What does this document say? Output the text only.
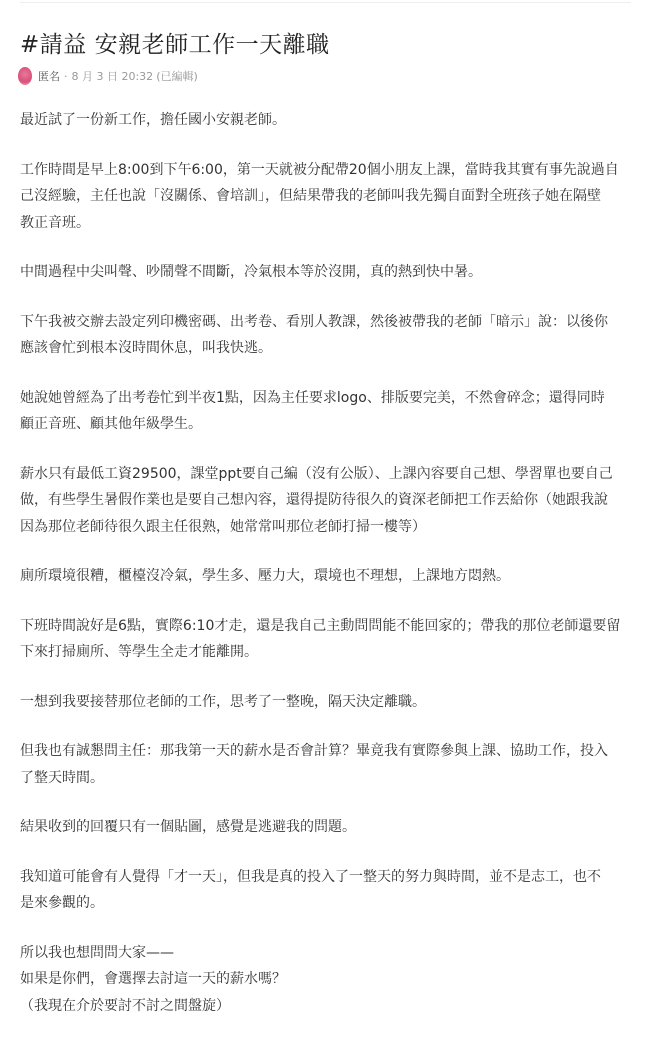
#請益 安親老師工作一天離職
匿名 · 8 月 3 日 20:32 (已編輯)
最近試了一份新工作，擔任國小安親老師。
工作時間是早上8:00到下午6:00，第一天就被分配帶20個小朋友上課，當時我其實有事先說過自
己沒經驗，主任也說「沒關係、會培訓」，但結果帶我的老師叫我先獨自面對全班孩子她在隔壁
教正音班。
中間過程中尖叫聲、吵鬧聲不間斷，冷氣根本等於沒開，真的熱到快中暑。
下午我被交辦去設定列印機密碼、出考卷、看別人教課，然後被帶我的老師「暗示」說：以後你
應該會忙到根本沒時間休息，叫我快逃。
她說她曾經為了出考卷忙到半夜1點，因為主任要求logo、排版要完美，不然會碎念；還得同時
顧正音班、顧其他年級學生。
薪水只有最低工資29500，課堂ppt要自己編（沒有公版）、上課內容要自己想、學習單也要自己
做，有些學生暑假作業也是要自己想內容，還得提防待很久的資深老師把工作丟給你（她跟我說
因為那位老師待很久跟主任很熟，她常常叫那位老師打掃一樓等）
廁所環境很糟，櫃檯沒冷氣，學生多、壓力大，環境也不理想，上課地方悶熱。
下班時間說好是6點，實際6:10才走，還是我自己主動問問能不能回家的；帶我的那位老師還要留
下來打掃廁所、等學生全走才能離開。
一想到我要接替那位老師的工作，思考了一整晚，隔天決定離職。
但我也有誠懇問主任：那我第一天的薪水是否會計算？畢竟我有實際參與上課、協助工作，投入
了整天時間。
結果收到的回覆只有一個貼圖，感覺是逃避我的問題。
我知道可能會有人覺得「才一天」，但我是真的投入了一整天的努力與時間，並不是志工，也不
是來參觀的。
所以我也想問問大家——
如果是你們，會選擇去討這一天的薪水嗎？
（我現在介於要討不討之間盤旋）
